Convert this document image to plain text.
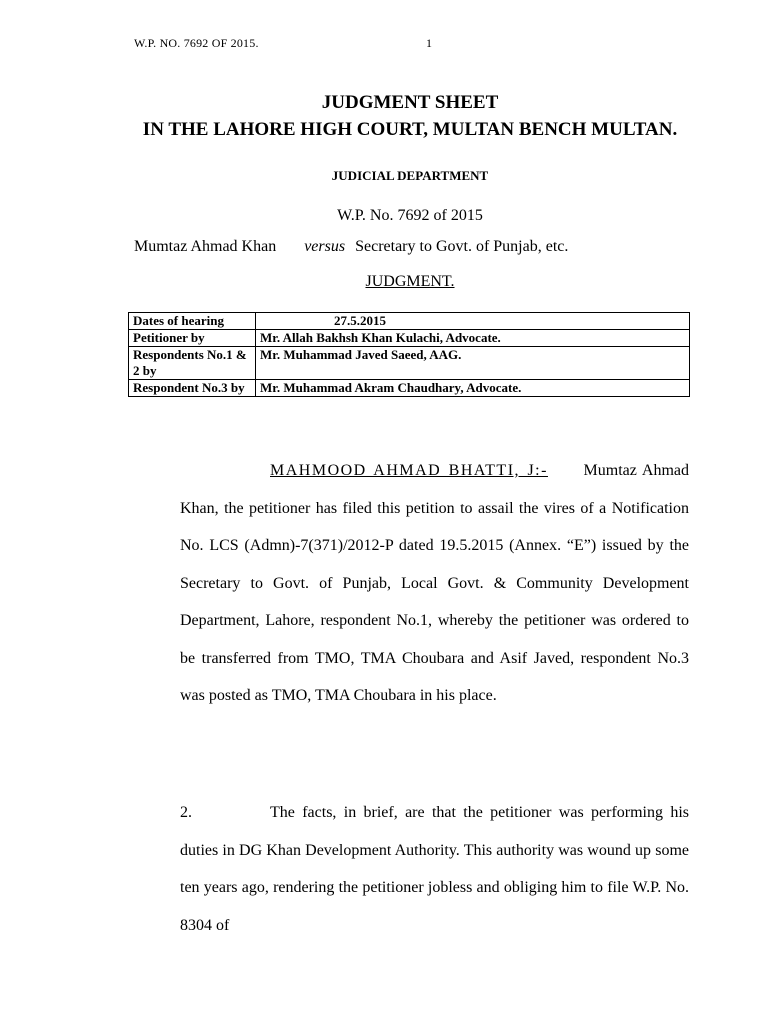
W.P. NO. 7692 OF 2015.	1
JUDGMENT SHEET
IN THE LAHORE HIGH COURT, MULTAN BENCH MULTAN.
JUDICIAL DEPARTMENT
W.P. No. 7692 of 2015
Mumtaz Ahmad Khan versus Secretary to Govt. of Punjab, etc.
JUDGMENT.
Dates of hearing	27.5.2015
Petitioner by	Mr. Allah Bakhsh Khan Kulachi, Advocate.
Respondents No.1 & 2 by	Mr. Muhammad Javed Saeed, AAG.
Respondent No.3 by	Mr. Muhammad Akram Chaudhary, Advocate.

MAHMOOD AHMAD BHATTI, J:- Mumtaz Ahmad Khan, the petitioner has filed this petition to assail the vires of a Notification No. LCS (Admn)-7(371)/2012-P dated 19.5.2015 (Annex. “E”) issued by the Secretary to Govt. of Punjab, Local Govt. & Community Development Department, Lahore, respondent No.1, whereby the petitioner was ordered to be transferred from TMO, TMA Choubara and Asif Javed, respondent No.3 was posted as TMO, TMA Choubara in his place.

2.	The facts, in brief, are that the petitioner was performing his duties in DG Khan Development Authority. This authority was wound up some ten years ago, rendering the petitioner jobless and obliging him to file W.P. No. 8304 of
